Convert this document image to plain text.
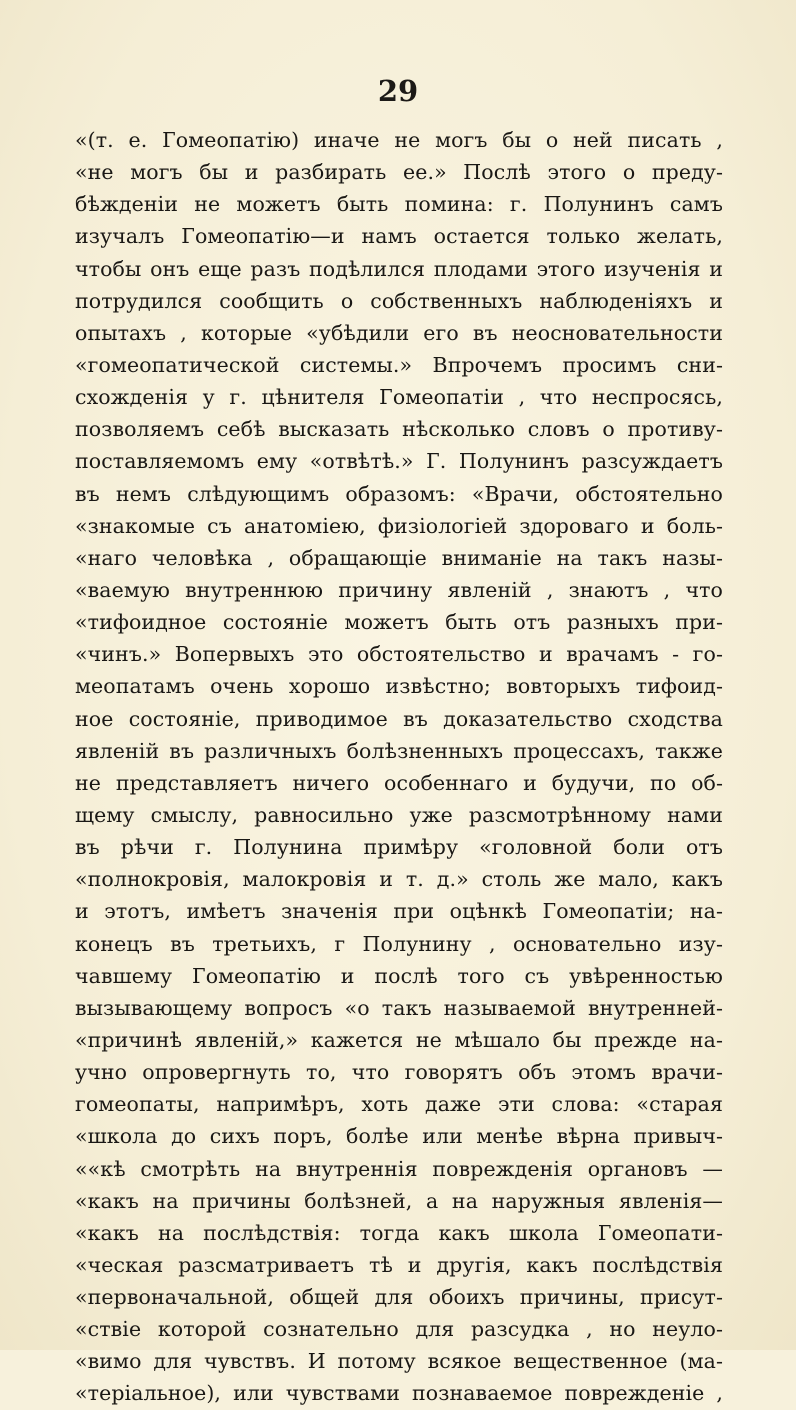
29
«(т. е. Гомеопатію) иначе не могъ бы о ней писать ,
«не могъ бы и разбирать ее.» Послѣ этого о преду-
бѣжденіи не можетъ быть помина: г. Полунинъ самъ
изучалъ Гомеопатію—и намъ остается только желать,
чтобы онъ еще разъ подѣлился плодами этого изученія и
потрудился сообщить о собственныхъ наблюденіяхъ и
опытахъ , которые «убѣдили его въ неосновательности
«гомеопатической системы.» Впрочемъ просимъ сни-
схожденія у г. цѣнителя Гомеопатіи , что неспросясь,
позволяемъ себѣ высказать нѣсколько словъ о противу-
поставляемомъ ему «отвѣтѣ.» Г. Полунинъ разсуждаетъ
въ немъ слѣдующимъ образомъ: «Врачи, обстоятельно
«знакомые съ анатоміею, физіологіей здороваго и боль-
«наго человѣка , обращающіе вниманіе на такъ назы-
«ваемую внутреннюю причину явленій , знаютъ , что
«тифоидное состояніе можетъ быть отъ разныхъ при-
«чинъ.» Вопервыхъ это обстоятельство и врачамъ - го-
меопатамъ очень хорошо извѣстно; вовторыхъ тифоид-
ное состояніе, приводимое въ доказательство сходства
явленій въ различныхъ болѣзненныхъ процессахъ, также
не представляетъ ничего особеннаго и будучи, по об-
щему смыслу, равносильно уже разсмотрѣнному нами
въ рѣчи г. Полунина примѣру «головной боли отъ
«полнокровія, малокровія и т. д.» столь же мало, какъ
и этотъ, имѣетъ значенія при оцѣнкѣ Гомеопатіи; на-
конецъ въ третьихъ, г Полунину , основательно изу-
чавшему Гомеопатію и послѣ того съ увѣренностью
вызывающему вопросъ «о такъ называемой внутренней-
«причинѣ явленій,» кажется не мѣшало бы прежде на-
учно опровергнуть то, что говорятъ объ этомъ врачи-
гомеопаты, напримѣръ, хоть даже эти слова: «старая
«школа до сихъ поръ, болѣе или менѣе вѣрна привыч-
««кѣ смотрѣть на внутреннія поврежденія органовъ —
«какъ на причины болѣзней, а на наружныя явленія—
«какъ на послѣдствія: тогда какъ школа Гомеопати-
«ческая разсматриваетъ тѣ и другія, какъ послѣдствія
«первоначальной, общей для обоихъ причины, присут-
«ствіе которой сознательно для разсудка , но неуло-
«вимо для чувствъ. И потому всякое вещественное (ма-
«теріальное), или чувствами познаваемое поврежденіе ,
